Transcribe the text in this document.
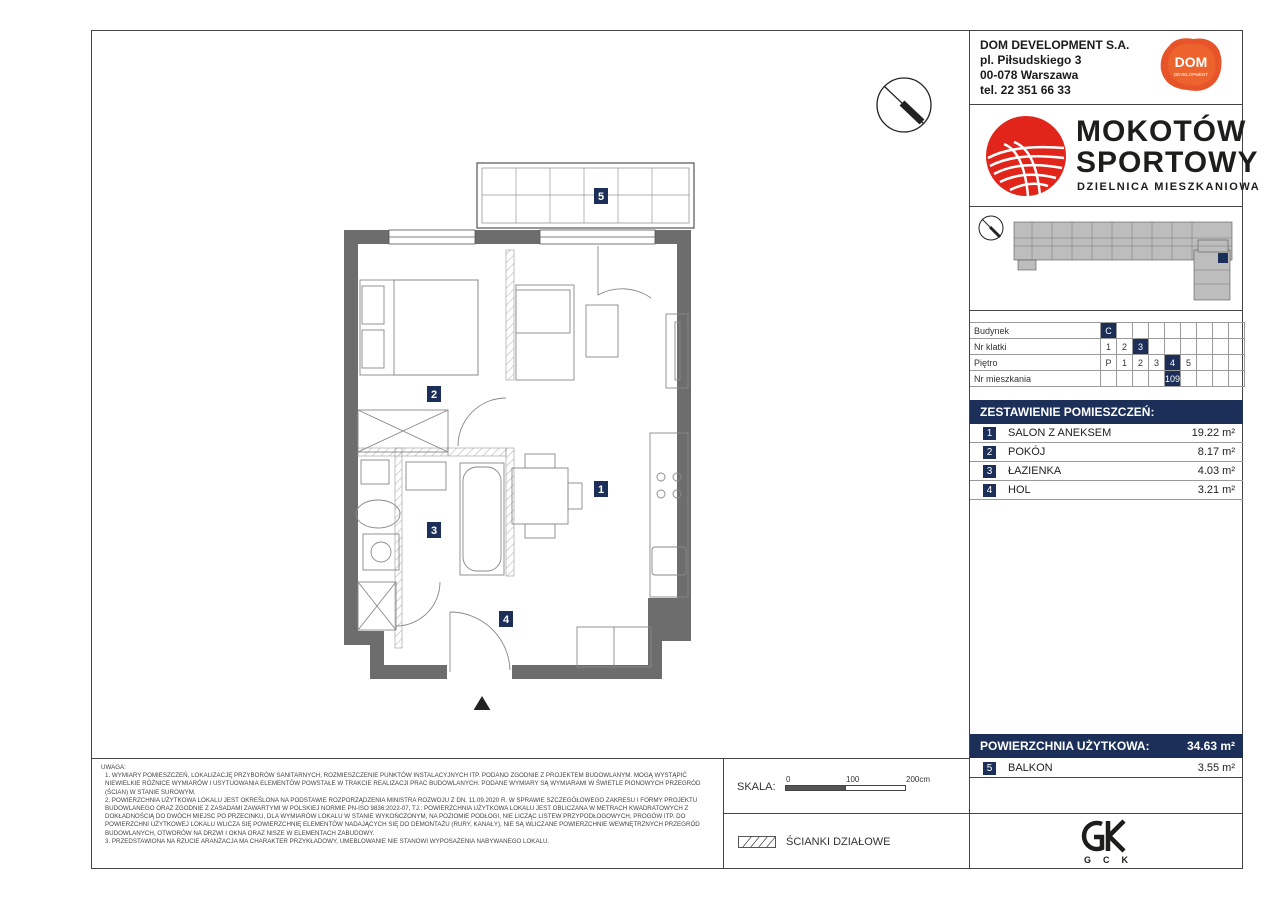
DOM DEVELOPMENT S.A.
pl. Piłsudskiego 3
00-078 Warszawa
tel. 22 351 66 33
DOM
DEVELOPMENT
MOKOTÓW
SPORTOWY
DZIELNICA MIESZKANIOWA
Budynek	C								
Nr klatki	1	2	3						
Piętro	P	1	2	3	4	5			
Nr mieszkania					109				
ZESTAWIENIE POMIESZCZEŃ:
1	SALON Z ANEKSEM	19.22 m²
2	POKÓJ	8.17 m²
3	ŁAZIENKA	4.03 m²
4	HOL	3.21 m²
POWIERZCHNIA UŻYTKOWA:	34.63 m²
5	BALKON	3.55 m²
GCK

UWAGA:

1. WYMIARY POMIESZCZEŃ, LOKALIZACJĘ PRZYBORÓW SANITARNYCH, ROZMIESZCZENIE PUNKTÓW INSTALACYJNYCH ITP. PODANO ZGODNIE Z PROJEKTEM BUDOWLANYM. MOGĄ WYSTĄPIĆ NIEWIELKIE RÓŻNICE WYMIARÓW I USYTUOWANIA ELEMENTÓW POWSTAŁE W TRAKCIE REALIZACJI PRAC BUDOWLANYCH. PODANE WYMIARY SĄ WYMIARAMI W ŚWIETLE PIONOWYCH PRZEGRÓD (ŚCIAN) W STANIE SUROWYM.

2. POWIERZCHNIA UŻYTKOWA LOKALU JEST OKREŚLONA NA PODSTAWIE ROZPORZĄDZENIA MINISTRA ROZWOJU Z DN. 11.09.2020 R. W SPRAWIE SZCZEGÓŁOWEGO ZAKRESU I FORMY PROJEKTU BUDOWLANEGO ORAZ ZGODNIE Z ZASADAMI ZAWARTYMI W POLSKIEJ NORMIE PN-ISO 9836:2022-07, TJ.: POWIERZCHNIA UŻYTKOWA LOKALU JEST OBLICZANA W METRACH KWADRATOWYCH Z DOKŁADNOŚCIĄ DO DWÓCH MIEJSC PO PRZECINKU, DLA WYMIARÓW LOKALU W STANIE WYKOŃCZONYM, NA POZIOMIE PODŁOGI, NIE LICZĄC LISTEW PRZYPODŁOGOWYCH, PROGÓW ITP. DO POWIERZCHNI UŻYTKOWEJ LOKALU WLICZA SIĘ POWIERZCHNIĘ ELEMENTÓW NADAJĄCYCH SIĘ DO DEMONTAŻU (RURY, KANAŁY), NIE SĄ WLICZANE POWIERZCHNIE WEWNĘTRZNYCH PRZEGRÓD BUDOWLANYCH, OTWORÓW NA DRZWI I OKNA ORAZ NISZE W ELEMENTACH ZABUDOWY.

3. PRZEDSTAWIONA NA RZUCIE ARANŻACJA MA CHARAKTER PRZYKŁADOWY, UMEBLOWANIE NIE STANOWI WYPOSAŻENIA NABYWANEGO LOKALU.

SKALA:
0	100	200cm
ŚCIANKI DZIAŁOWE
2
1
3
4
5
